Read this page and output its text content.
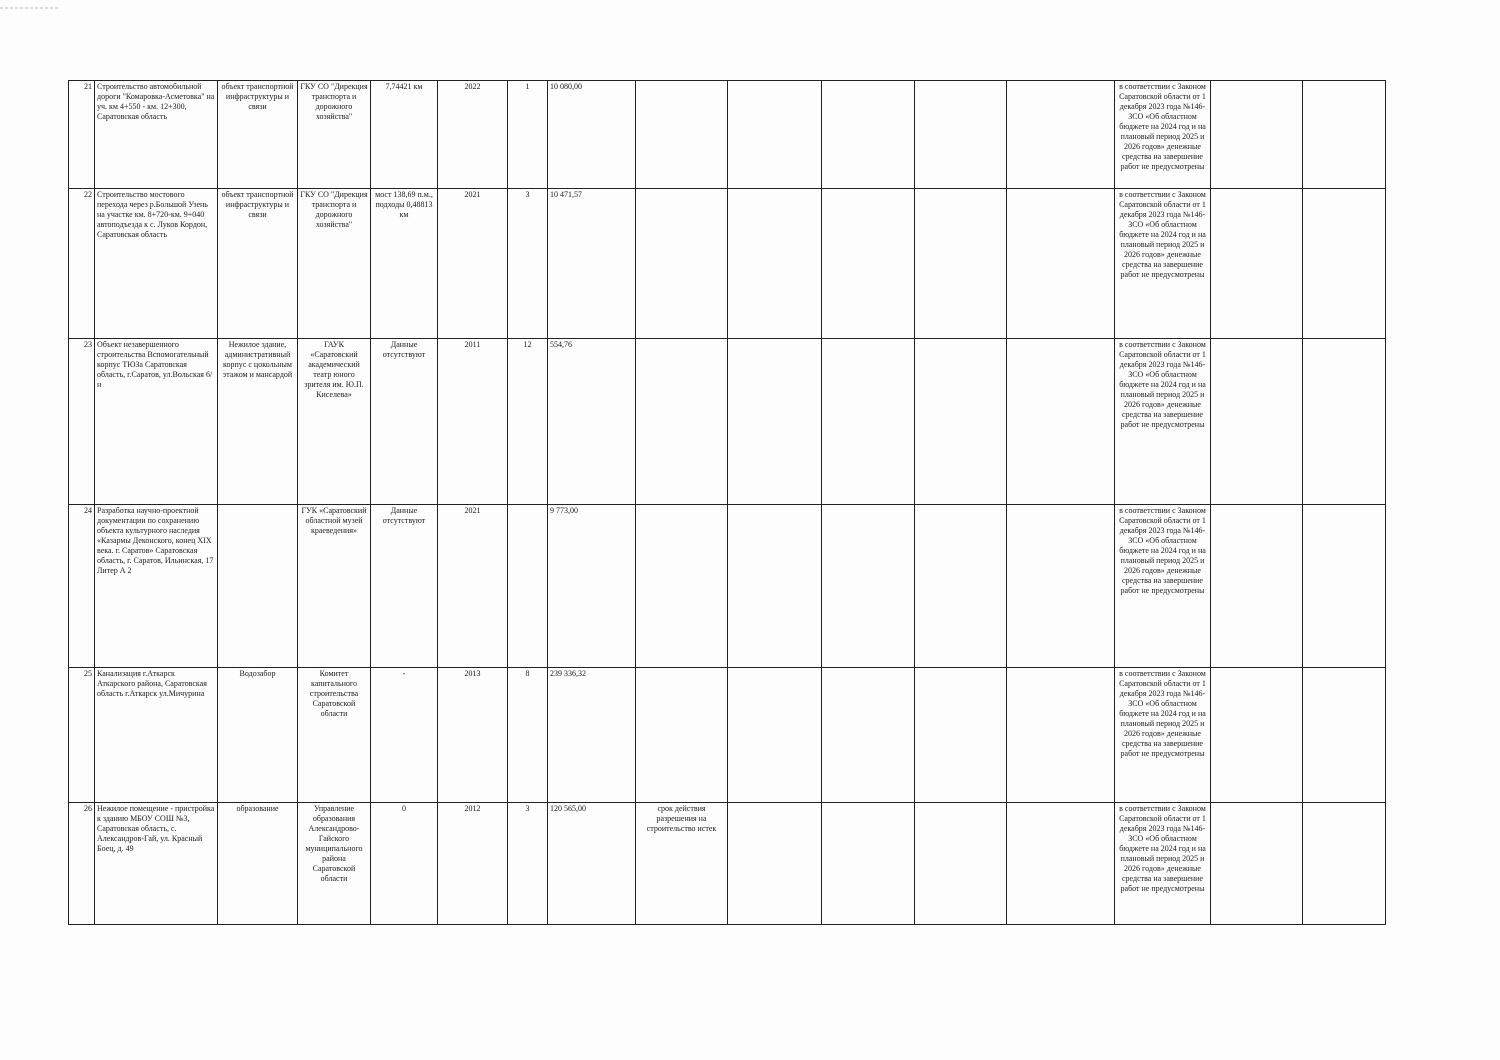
21	Строительство автомобильной дороги "Комаровка-Асметовка" на уч. км 4+550 - км. 12+300, Саратовская область	объект транспортной инфраструктуры и связи	ГКУ СО "Дирекция транспорта и дорожного хозяйства"	7,74421 км	2022	1	10 080,00						в соответствии с Законом Саратовской области от 1 декабря 2023 года №146-ЗСО «Об областном бюджете на 2024 год и на плановый период 2025 и 2026 годов» денежные средства на завершение работ не предусмотрены		
22	Строительство мостового перехода через р.Большой Узень на участке км. 8+720-км. 9+040 автоподъезда к с. Луков Кордон, Саратовская область	объект транспортной инфраструктуры и связи	ГКУ СО "Дирекция транспорта и дорожного хозяйства"	мост 138,69 п.м., подходы 0,48813 км	2021	3	10 471,57						в соответствии с Законом Саратовской области от 1 декабря 2023 года №146-ЗСО «Об областном бюджете на 2024 год и на плановый период 2025 и 2026 годов» денежные средства на завершение работ не предусмотрены		
23	Объект незавершенного строительства Вспомогательный корпус ТЮЗа Саратовская область, г.Саратов, ул.Вольская 6/н	Нежилое здание, административный корпус с цокольным этажом и мансардой	ГАУК «Саратовский академический театр юного зрителя им. Ю.П. Киселева»	Данные отсутствуют	2011	12	554,76						в соответствии с Законом Саратовской области от 1 декабря 2023 года №146-ЗСО «Об областном бюджете на 2024 год и на плановый период 2025 и 2026 годов» денежные средства на завершение работ не предусмотрены		
24	Разработка научно-проектной документации по сохранению объекта культурного наследия «Казармы Деконского, конец XIX века. г. Саратов» Саратовская область, г. Саратов, Ильинская, 17 Литер А 2		ГУК «Саратовский областной музей краеведения»	Данные отсутствуют	2021		9 773,00						в соответствии с Законом Саратовской области от 1 декабря 2023 года №146-ЗСО «Об областном бюджете на 2024 год и на плановый период 2025 и 2026 годов» денежные средства на завершение работ не предусмотрены		
25	Канализация г.Аткарск Аткарского района, Саратовская область г.Аткарск ул.Мичурина	Водозабор	Комитет капитального строительства Саратовской области	-	2013	8	239 336,32						в соответствии с Законом Саратовской области от 1 декабря 2023 года №146-ЗСО «Об областном бюджете на 2024 год и на плановый период 2025 и 2026 годов» денежные средства на завершение работ не предусмотрены		
26	Нежилое помещение - пристройка к зданию МБОУ СОШ №3, Саратовская область, с. Александров-Гай, ул. Красный Боец, д. 49	образование	Управление образования Александрово-Гайского муниципального района Саратовской области	0	2012	3	120 565,00	срок действия разрешения на строительство истек					в соответствии с Законом Саратовской области от 1 декабря 2023 года №146-ЗСО «Об областном бюджете на 2024 год и на плановый период 2025 и 2026 годов» денежные средства на завершение работ не предусмотрены		
